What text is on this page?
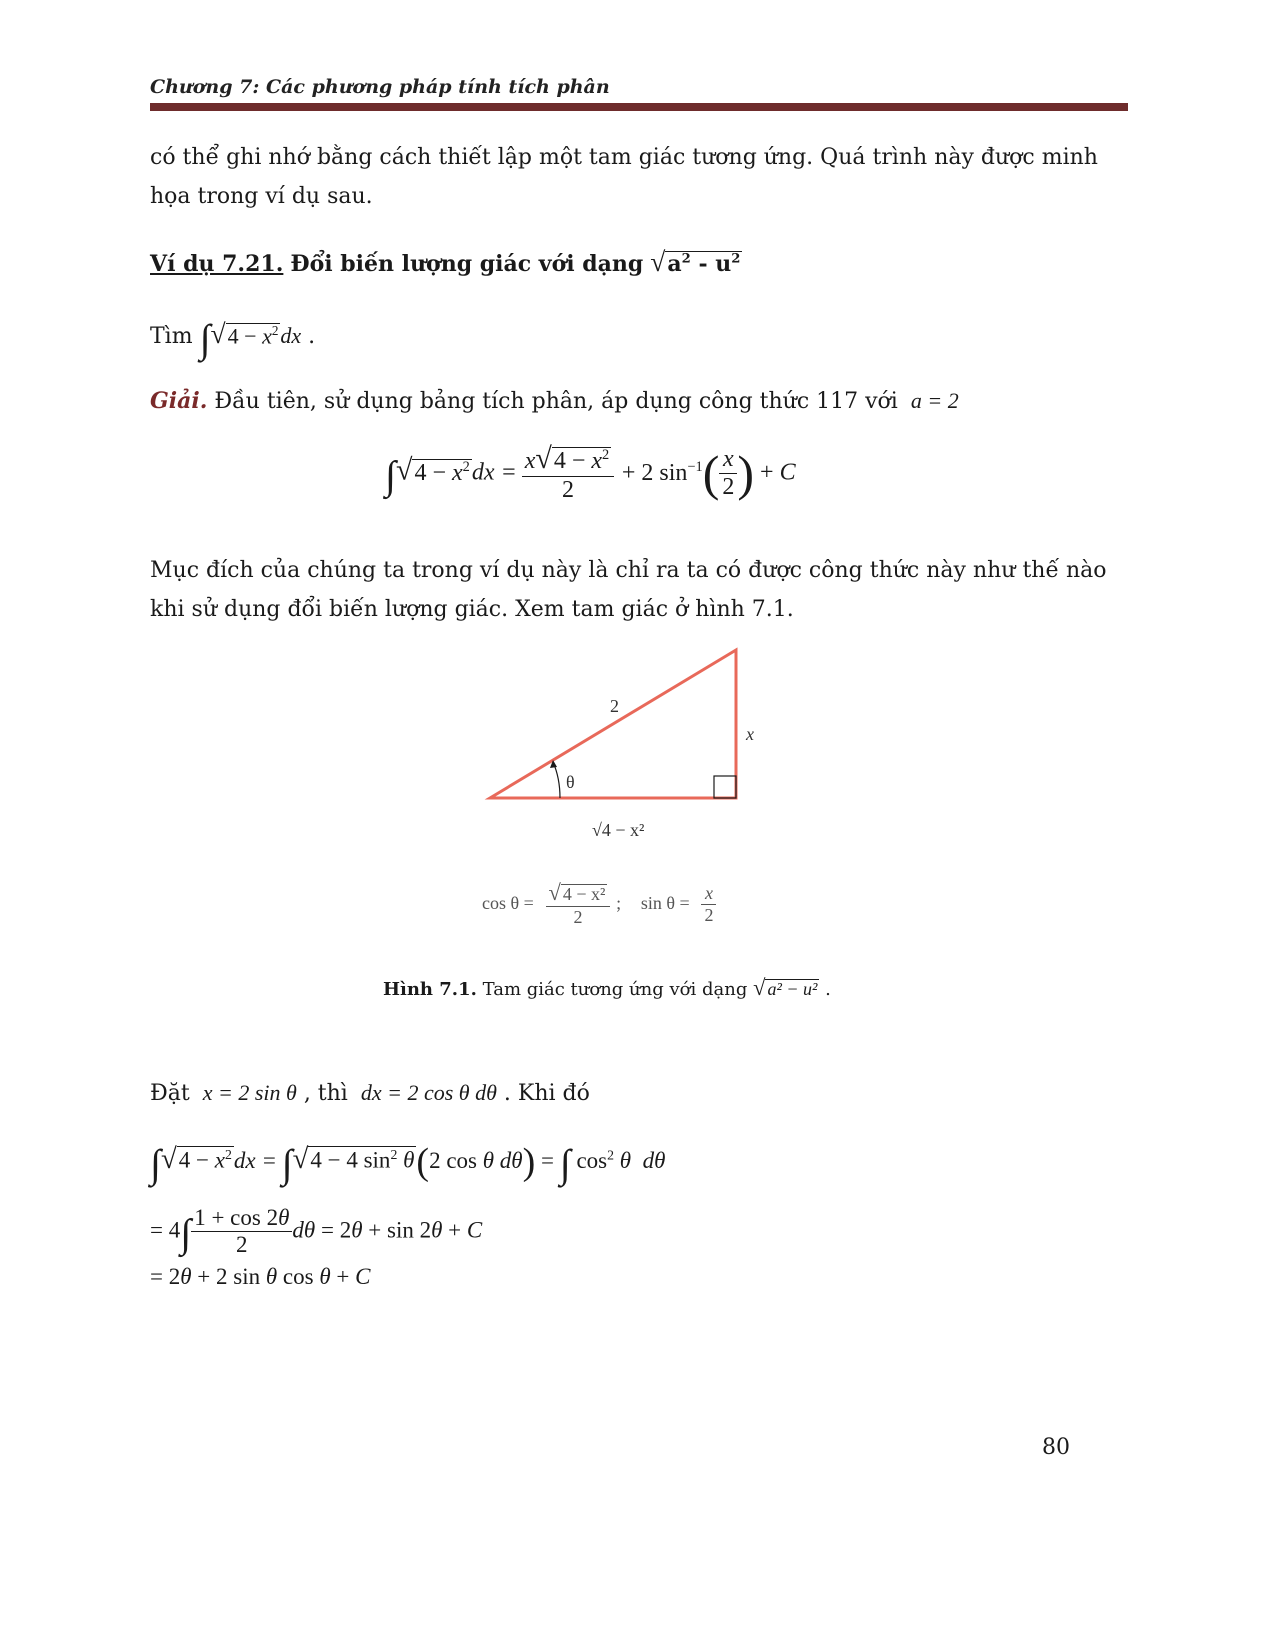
Chương 7: Các phương pháp tính tích phân
có thể ghi nhớ bằng cách thiết lập một tam giác tương ứng. Quá trình này được minh
họa trong ví dụ sau.
Ví dụ 7.21. Đổi biến lượng giác với dạng $√a^2 - u^2$
Tìm $\int√4 - x^2dx$ .
Giải. Đầu tiên, sử dụng bảng tích phân, áp dụng công thức 117 với a = 2
$\int√4 - x^2dx = \frac{x√4 - x^2}{2} + 2$ $\sin^{-1}( \frac{x}{2}$ ) + C
Mục đích của chúng ta trong ví dụ này là chỉ ra ta có được công thức này như thế nào
khi sử dụng đổi biến lượng giác. Xem tam giác ở hình 7.1.
2
x
θ
√4 − x²
$\cos \theta = \frac{\text{√ 4 − x²}}{2}$ ; $\sin \theta = \frac{x}{2}$
Hình 7.1. Tam giác tương ứng với dạng √ a² − u² .
Đặt x = 2 sin θ , thì dx = 2 cos θ dθ . Khi đó
$\int√4 - x^2dx = \int√4 - 4$ $\sin^2 \theta(2$ cos θ dθ) = ∫ $\cos^2 \theta$  dθ
= $4\int \frac{1 + \cos 2\theta}{2}$ dθ = 2θ + sin 2θ + C
= 2θ + 2 sin θ cos θ + C
80
